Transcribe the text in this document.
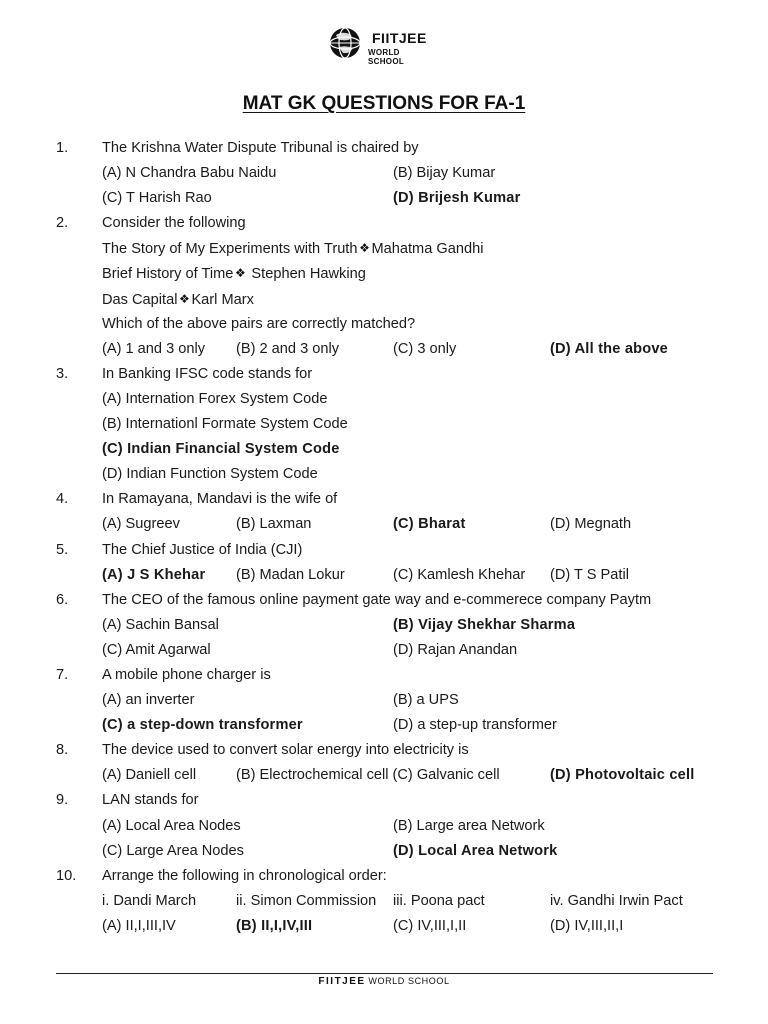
FIITJEE
WORLD SCHOOL
MAT GK QUESTIONS FOR FA-1
1. The Krishna Water Dispute Tribunal is chaired by
(A) N Chandra Babu Naidu	(B) Bijay Kumar
(C) T Harish Rao	(D) Brijesh Kumar
2. Consider the following
The Story of My Experiments with Truth ❖ Mahatma Gandhi
Brief History of Time ❖ Stephen Hawking
Das Capital ❖ Karl Marx
Which of the above pairs are correctly matched?
(A) 1 and 3 only (B) 2 and 3 only	(C) 3 only	(D) All the above
3. In Banking IFSC code stands for
(A) Internation Forex System Code
(B) Internationl Formate System Code
(C) Indian Financial System Code
(D) Indian Function System Code
4. In Ramayana, Mandavi is the wife of
(A) Sugreev	(B) Laxman	(C) Bharat	(D) Megnath
5. The Chief Justice of India (CJI)
(A) J S Khehar (B) Madan Lokur	(C) Kamlesh Khehar (D) T S Patil
6. The CEO of the famous online payment gate way and e-commerece company Paytm
(A) Sachin Bansal	(B) Vijay Shekhar Sharma
(C) Amit Agarwal	(D) Rajan Anandan
7. A mobile phone charger is
(A) an inverter	(B) a UPS
(C) a step-down transformer	(D) a step-up transformer
8. The device used to convert solar energy into electricity is
(A) Daniell cell	(B) Electrochemical cell (C) Galvanic cell	(D) Photovoltaic cell
9. LAN stands for
(A) Local Area Nodes	(B) Large area Network
(C) Large Area Nodes	(D) Local Area Network
10. Arrange the following in chronological order:
i. Dandi March	ii. Simon Commission iii. Poona pact	iv. Gandhi Irwin Pact
(A) II,I,III,IV	(B) II,I,IV,III	(C) IV,III,I,II	(D) IV,III,II,I
FIITJEE WORLD SCHOOL
